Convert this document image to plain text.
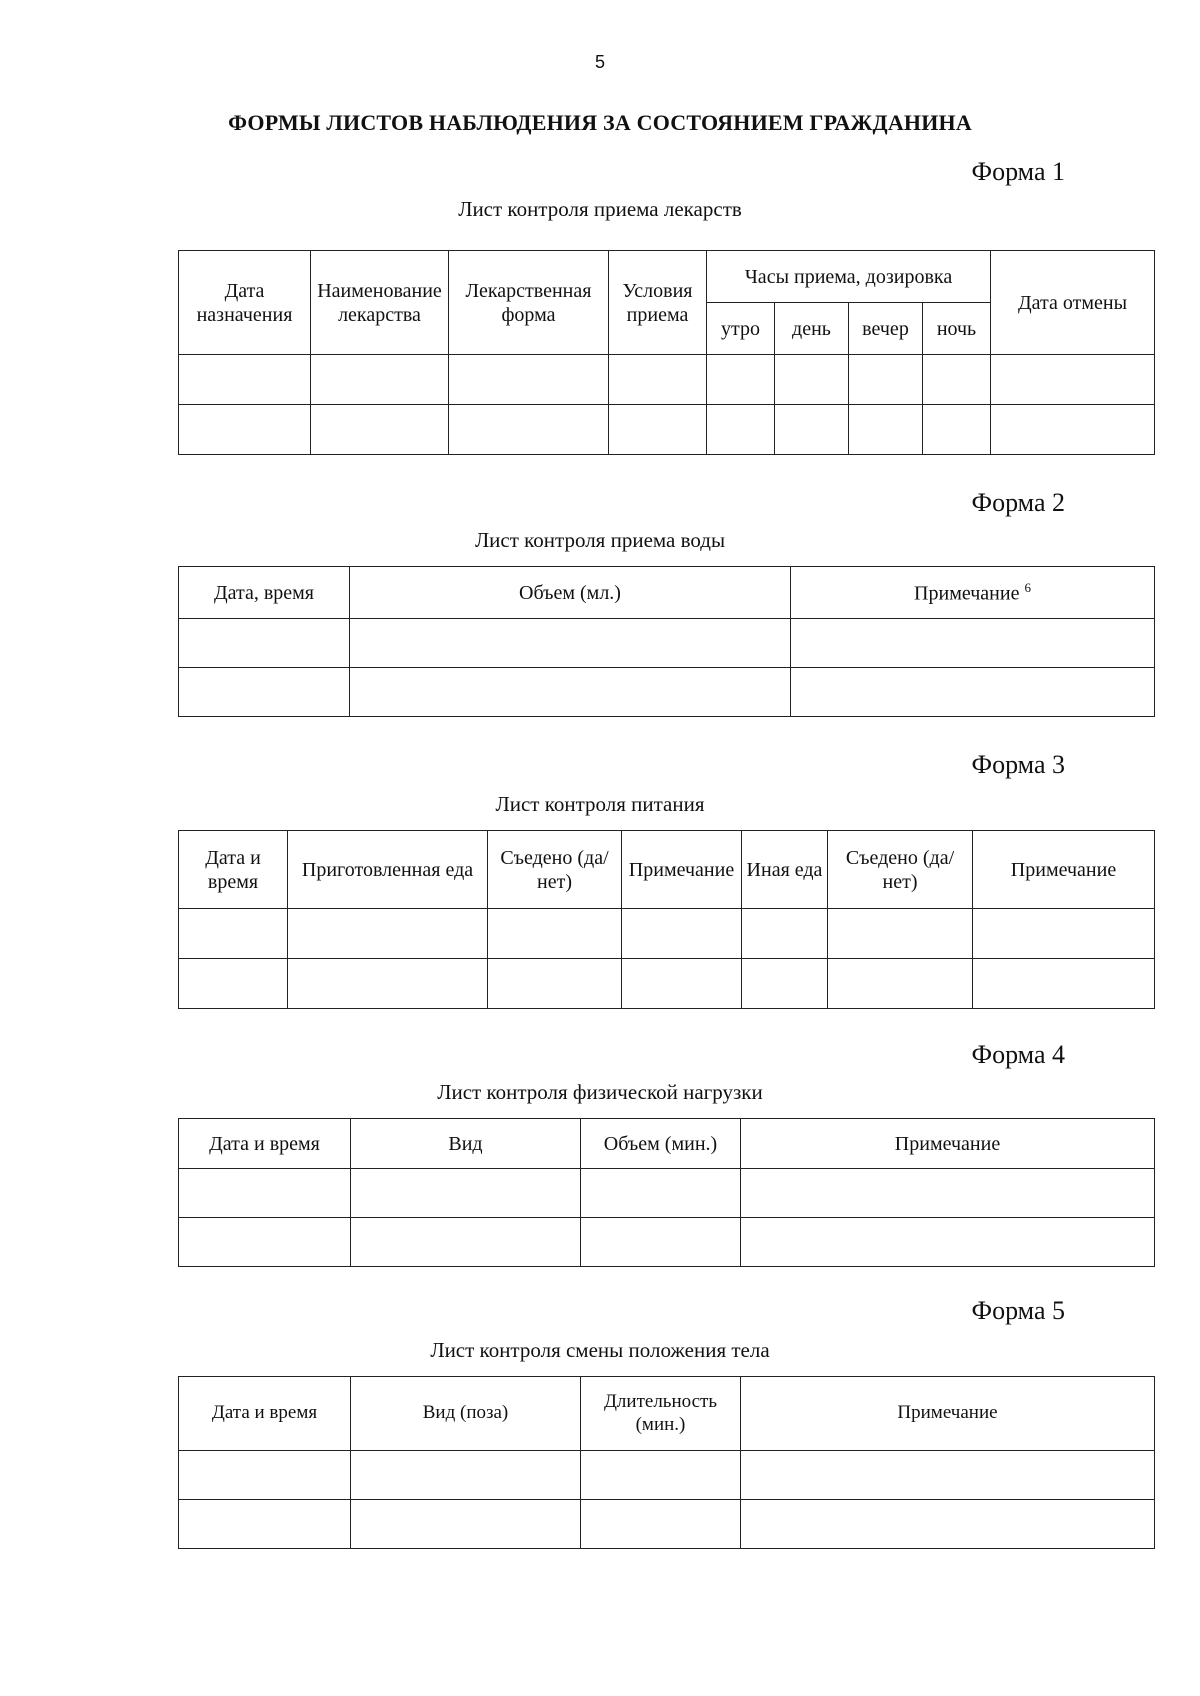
5
ФОРМЫ ЛИСТОВ НАБЛЮДЕНИЯ ЗА СОСТОЯНИЕМ ГРАЖДАНИНА
Форма 1
Лист контроля приема лекарств
Дата назначения	Наименование лекарства	Лекарственная форма	Условия приема	Часы приема, дозировка				Дата отмены
				утро	день	вечер	ночь	

Форма 2
Лист контроля приема воды
Дата, время	Объем (мл.)	Примечание $^6$

Форма 3
Лист контроля питания
Дата и время	Приготовленная еда	Съедено (да/нет)	Примечание	Иная еда	Съедено (да/нет)	Примечание

Форма 4
Лист контроля физической нагрузки
Дата и время	Вид	Объем (мин.)	Примечание

Форма 5
Лист контроля смены положения тела
Дата и время	Вид (поза)	Длительность (мин.)	Примечание
